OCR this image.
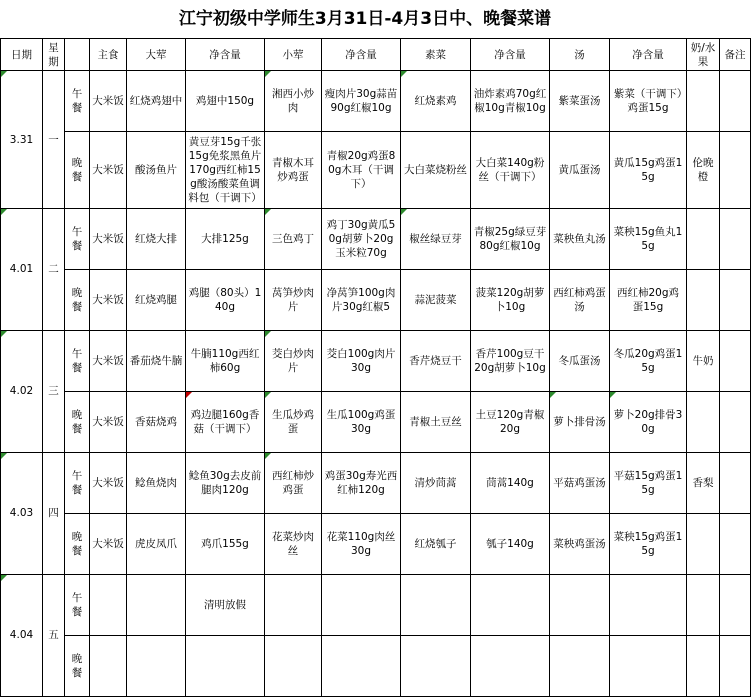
江宁初级中学师生3月31日-4月3日中、晚餐菜谱
日期	星期		主食	大荤	净含量	小荤	净含量	素菜	净含量	汤	净含量	奶/水果	备注
3.31	一	午餐	大米饭	红烧鸡翅中	鸡翅中150g	湘西小炒肉	瘦肉片30g蒜苗90g红椒10g	红烧素鸡	油炸素鸡70g红椒10g青椒10g	紫菜蛋汤	紫菜（干调下）鸡蛋15g		
		晚餐	大米饭	酸汤鱼片	黄豆芽15g千张15g免浆黑鱼片170g西红柿15g酸汤酸菜鱼调料包（干调下）	青椒木耳炒鸡蛋	青椒20g鸡蛋80g木耳（干调下）	大白菜烧粉丝	大白菜140g粉丝（干调下）	黄瓜蛋汤	黄瓜15g鸡蛋15g	伦晚橙	
4.01	二	午餐	大米饭	红烧大排	大排125g	三色鸡丁	鸡丁30g黄瓜50g胡萝卜20g玉米粒70g	椒丝绿豆芽	青椒25g绿豆芽80g红椒10g	菜秧鱼丸汤	菜秧15g鱼丸15g		
		晚餐	大米饭	红烧鸡腿	鸡腿（80头）140g	莴笋炒肉片	净莴笋100g肉片30g红椒5	蒜泥菠菜	菠菜120g胡萝卜10g	西红柿鸡蛋汤	西红柿20g鸡蛋15g		
4.02	三	午餐	大米饭	番茄烧牛腩	牛腩110g西红柿60g	茭白炒肉片	茭白100g肉片30g	香芹烧豆干	香芹100g豆干20g胡萝卜10g	冬瓜蛋汤	冬瓜20g鸡蛋15g	牛奶	
		晚餐	大米饭	香菇烧鸡	鸡边腿160g香菇（干调下）	生瓜炒鸡蛋	生瓜100g鸡蛋30g	青椒土豆丝	土豆120g青椒20g	萝卜排骨汤	萝卜20g排骨30g

4.03	四	午餐	大米饭	鲶鱼烧肉	鲶鱼30g去皮前腿肉120g	西红柿炒鸡蛋	鸡蛋30g寿光西红柿120g	清炒茼蒿	茼蒿140g	平菇鸡蛋汤	平菇15g鸡蛋15g	香梨	
		晚餐	大米饭	虎皮凤爪	鸡爪155g	花菜炒肉丝	花菜110g肉丝30g	红烧瓠子	瓠子140g	菜秧鸡蛋汤	菜秧15g鸡蛋15g		
4.04	五	午餐			清明放假								
		晚餐											
